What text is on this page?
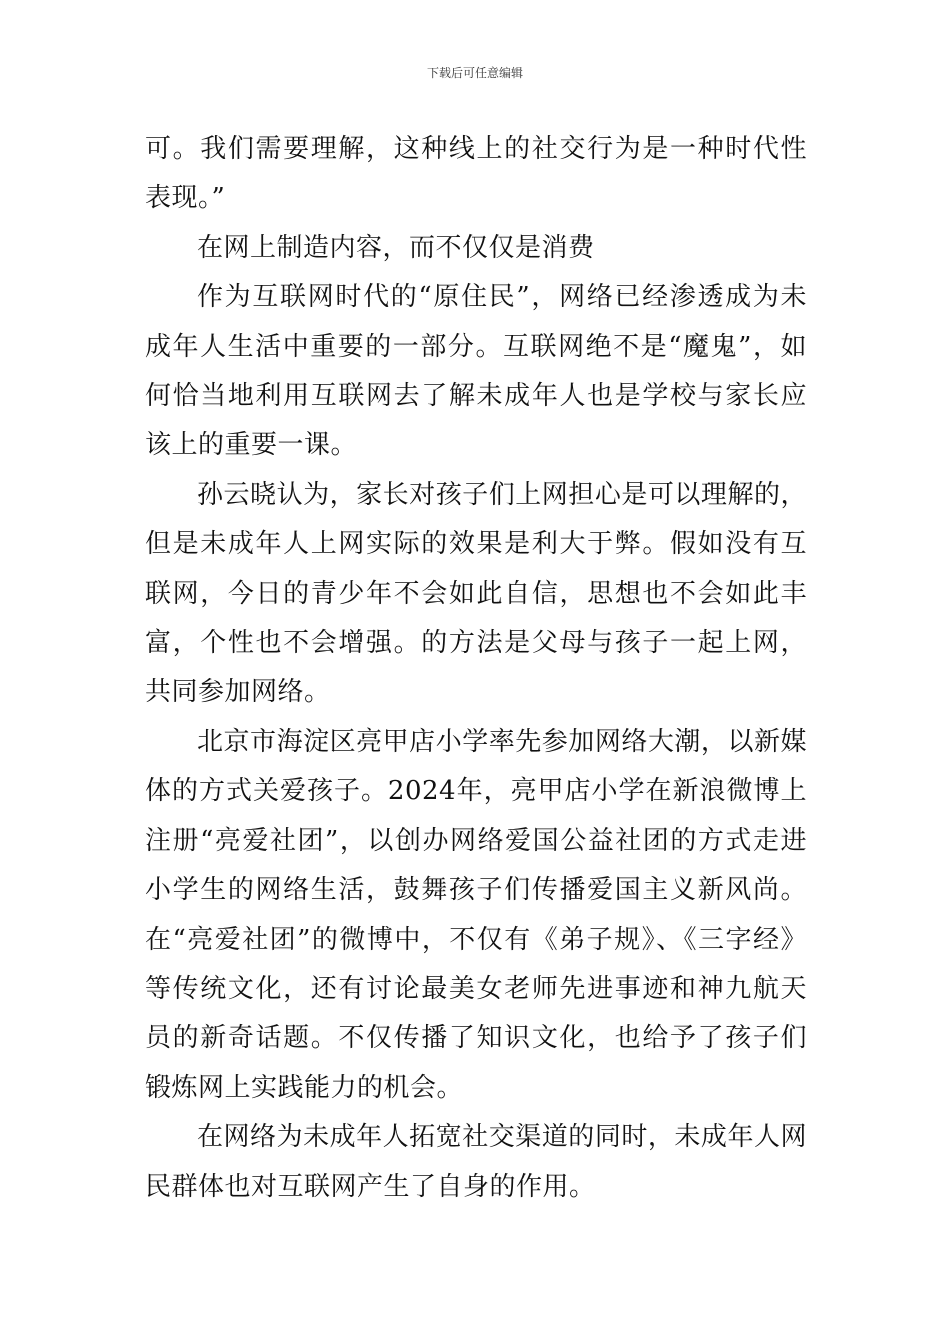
下载后可任意编辑

可。我们需要理解，这种线上的社交行为是一种时代性表现。”

在网上制造内容，而不仅仅是消费

作为互联网时代的“原住民”，网络已经渗透成为未成年人生活中重要的一部分。互联网绝不是“魔鬼”，如何恰当地利用互联网去了解未成年人也是学校与家长应该上的重要一课。

孙云晓认为，家长对孩子们上网担心是可以理解的，但是未成年人上网实际的效果是利大于弊。假如没有互联网，今日的青少年不会如此自信，思想也不会如此丰富，个性也不会增强。的方法是父母与孩子一起上网，共同参加网络。

北京市海淀区亮甲店小学率先参加网络大潮，以新媒体的方式关爱孩子。2024年，亮甲店小学在新浪微博上注册“亮爱社团”，以创办网络爱国公益社团的方式走进小学生的网络生活，鼓舞孩子们传播爱国主义新风尚。在“亮爱社团”的微博中，不仅有《弟子规》、《三字经》等传统文化，还有讨论最美女老师先进事迹和神九航天员的新奇话题。不仅传播了知识文化，也给予了孩子们锻炼网上实践能力的机会。

在网络为未成年人拓宽社交渠道的同时，未成年人网民群体也对互联网产生了自身的作用。
